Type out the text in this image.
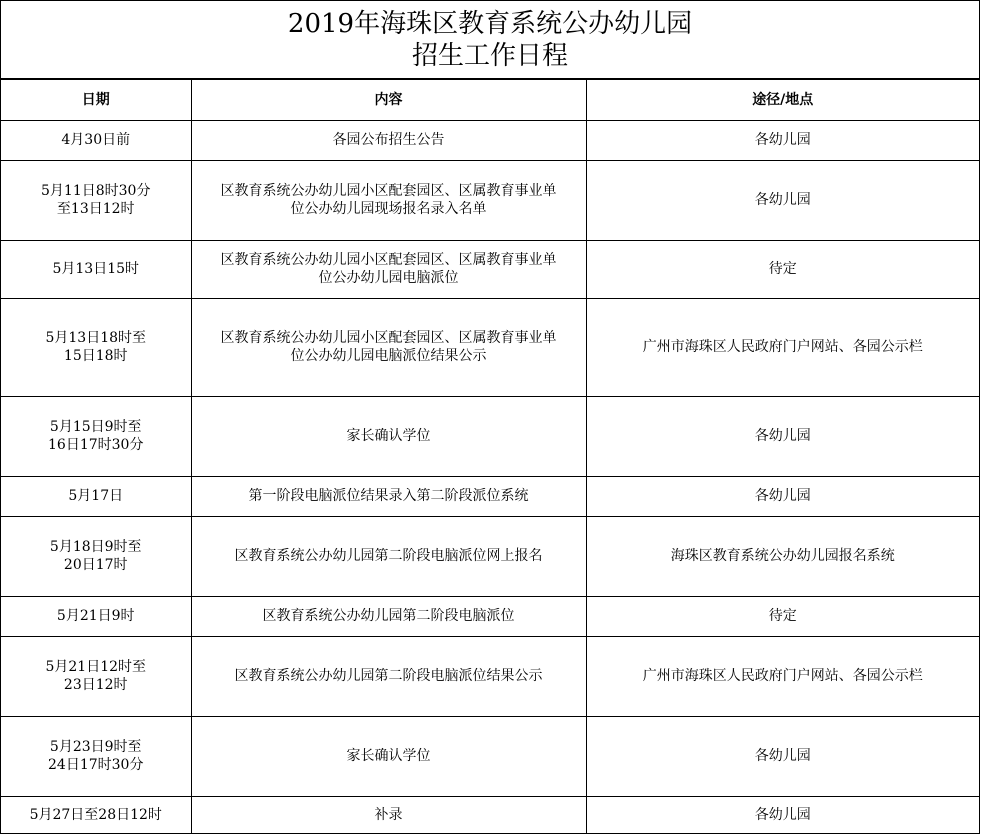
2019年海珠区教育系统公办幼儿园
招生工作日程
日期	内容	途径/地点
4月30日前	各园公布招生公告	各幼儿园
5月11日8时30分
至13日12时	区教育系统公办幼儿园小区配套园区、区属教育事业单
位公办幼儿园现场报名录入名单	各幼儿园
5月13日15时	区教育系统公办幼儿园小区配套园区、区属教育事业单
位公办幼儿园电脑派位	待定
5月13日18时至
15日18时	区教育系统公办幼儿园小区配套园区、区属教育事业单
位公办幼儿园电脑派位结果公示	广州市海珠区人民政府门户网站、各园公示栏
5月15日9时至
16日17时30分	家长确认学位	各幼儿园
5月17日	第一阶段电脑派位结果录入第二阶段派位系统	各幼儿园
5月18日9时至
20日17时	区教育系统公办幼儿园第二阶段电脑派位网上报名	海珠区教育系统公办幼儿园报名系统
5月21日9时	区教育系统公办幼儿园第二阶段电脑派位	待定
5月21日12时至
23日12时	区教育系统公办幼儿园第二阶段电脑派位结果公示	广州市海珠区人民政府门户网站、各园公示栏
5月23日9时至
24日17时30分	家长确认学位	各幼儿园
5月27日至28日12时	补录	各幼儿园
